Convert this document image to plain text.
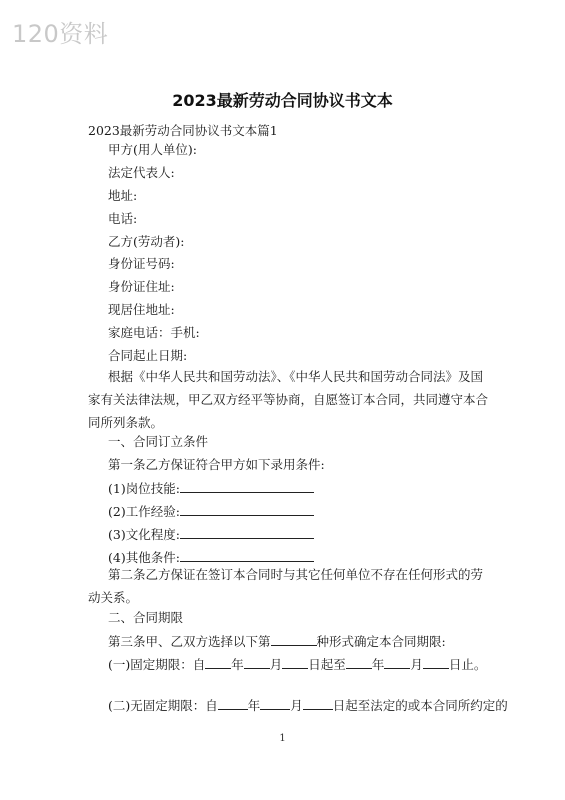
120资料
2023最新劳动合同协议书文本
2023最新劳动合同协议书文本篇1
甲方(用人单位):
法定代表人:
地址:
电话:
乙方(劳动者):
身份证号码:
身份证住址:
现居住地址:
家庭电话：手机:
合同起止日期:
根据《中华人民共和国劳动法》、《中华人民共和国劳动合同法》及国家有关法律法规，甲乙双方经平等协商，自愿签订本合同，共同遵守本合同所列条款。
一、合同订立条件
第一条乙方保证符合甲方如下录用条件:
(1)岗位技能:
(2)工作经验:
(3)文化程度:
(4)其他条件:
第二条乙方保证在签订本合同时与其它任何单位不存在任何形式的劳动关系。
二、合同期限
第三条甲、乙双方选择以下第	种形式确定本合同期限:
(一)固定期限：自 年 月 日起至 年 月 日止。
(二)无固定期限：自 年 月 日起至法定的或本合同所约定的
1
